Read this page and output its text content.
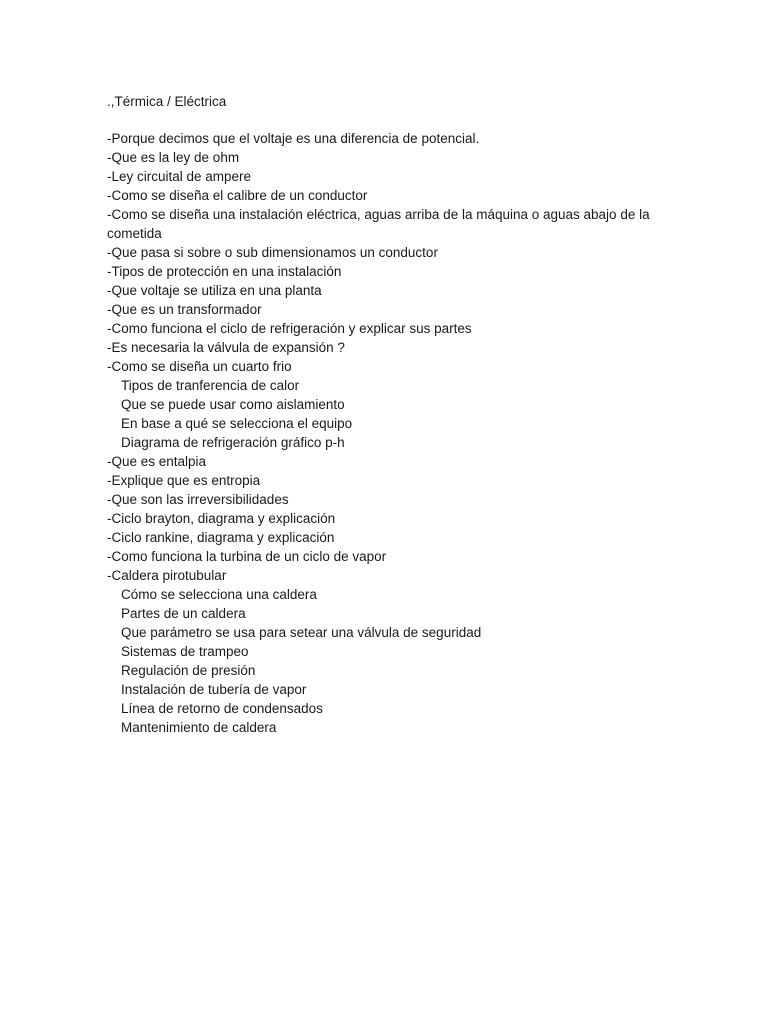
.,Térmica / Eléctrica
-Porque decimos que el voltaje es una diferencia de potencial.
-Que es la ley de ohm
-Ley circuital de ampere
-Como se diseña el calibre de un conductor
-Como se diseña una instalación eléctrica, aguas arriba de la máquina o aguas abajo de la cometida
-Que pasa si sobre o sub dimensionamos un conductor
-Tipos de protección en una instalación
-Que voltaje se utiliza en una planta
-Que es un transformador
-Como funciona el ciclo de refrigeración y explicar sus partes
-Es necesaria la válvula de expansión ?
-Como se diseña un cuarto frio
Tipos de tranferencia de calor
Que se puede usar como aislamiento
En base a qué se selecciona el equipo
Diagrama de refrigeración gráfico p-h
-Que es entalpia
-Explique que es entropia
-Que son las irreversibilidades
-Ciclo brayton, diagrama y explicación
-Ciclo rankine, diagrama y explicación
-Como funciona la turbina de un ciclo de vapor
-Caldera pirotubular
Cómo se selecciona una caldera
Partes de un caldera
Que parámetro se usa para setear una válvula de seguridad
Sistemas de trampeo
Regulación de presión
Instalación de tubería de vapor
Línea de retorno de condensados
Mantenimiento de caldera
